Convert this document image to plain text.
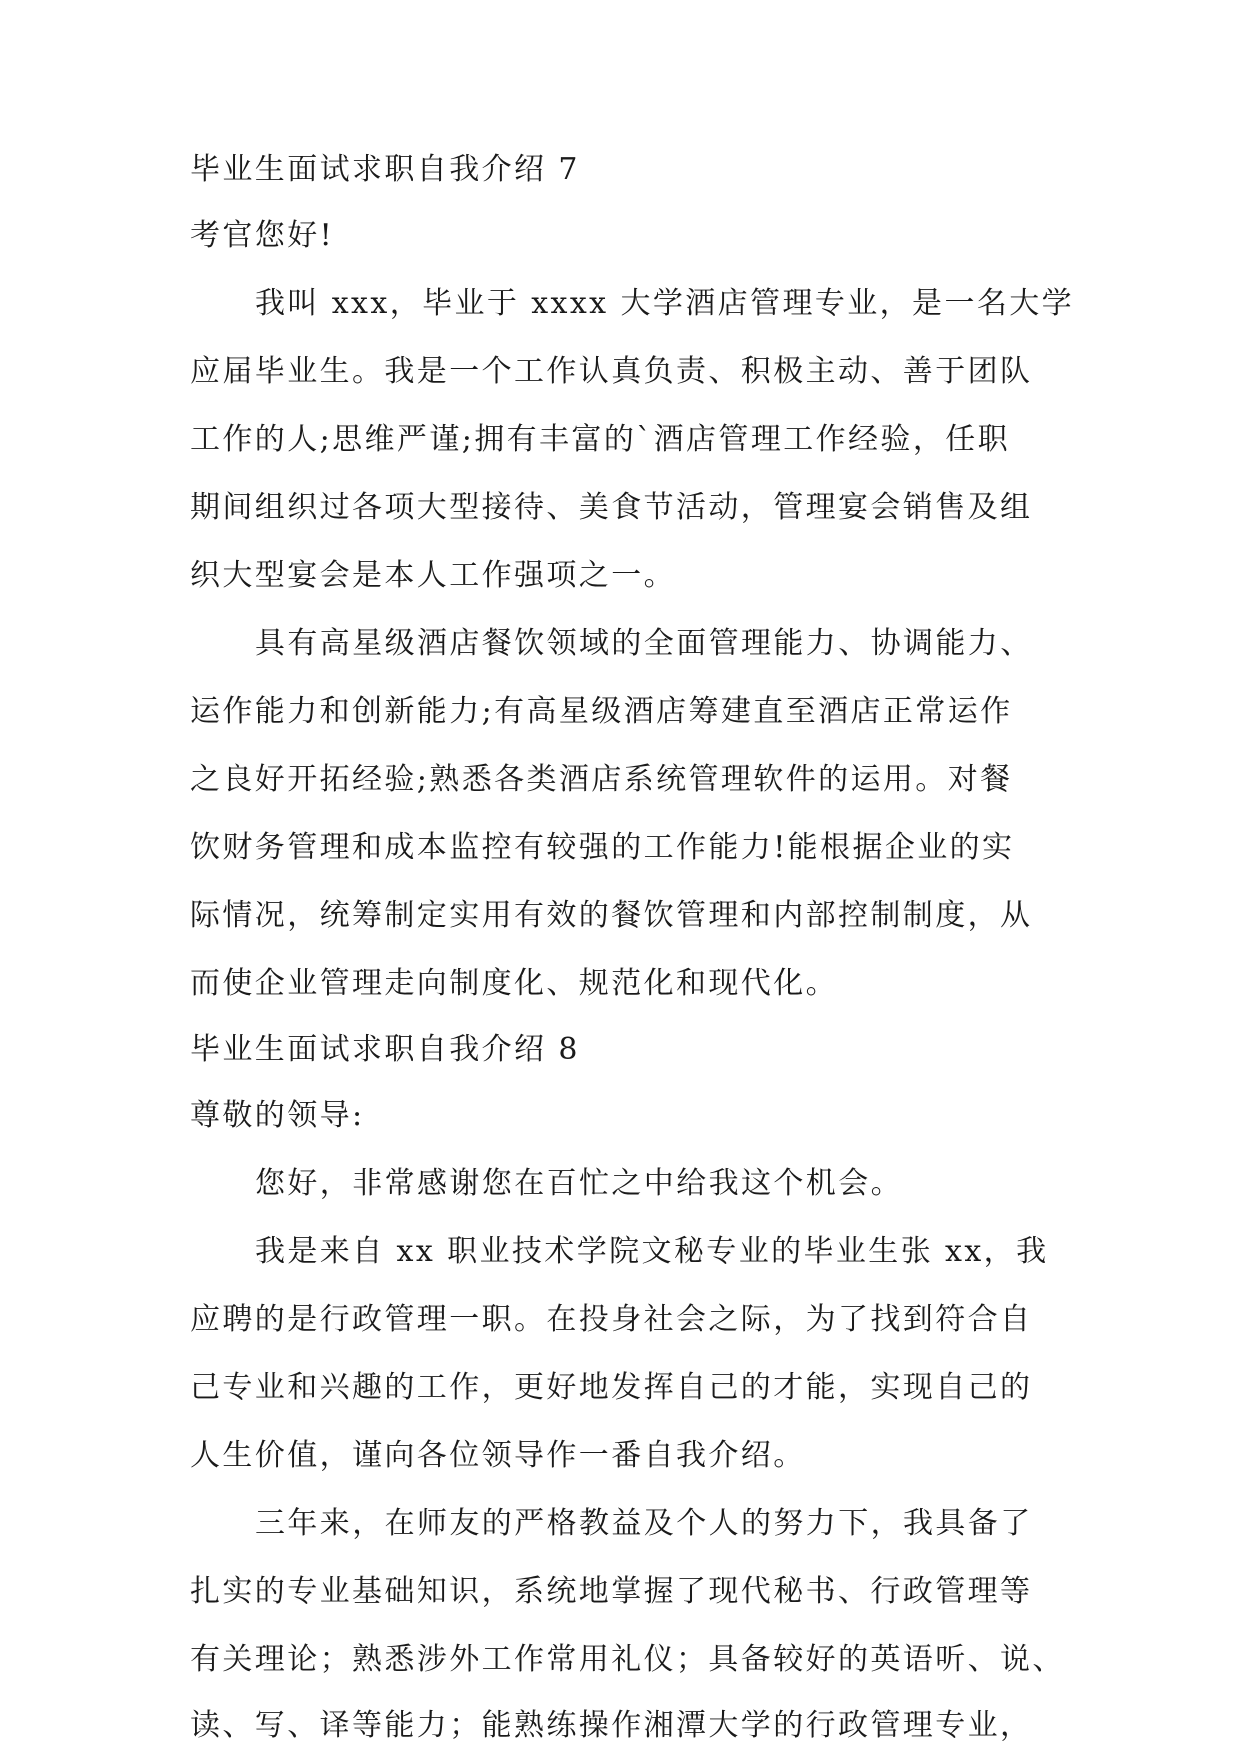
毕业生面试求职自我介绍 7
考官您好!
我叫 xxx，毕业于 xxxx 大学酒店管理专业，是一名大学
应届毕业生。我是一个工作认真负责、积极主动、善于团队
工作的人;思维严谨;拥有丰富的`酒店管理工作经验，任职
期间组织过各项大型接待、美食节活动，管理宴会销售及组
织大型宴会是本人工作强项之一。
具有高星级酒店餐饮领域的全面管理能力、协调能力、
运作能力和创新能力;有高星级酒店筹建直至酒店正常运作
之良好开拓经验;熟悉各类酒店系统管理软件的运用。对餐
饮财务管理和成本监控有较强的工作能力!能根据企业的实
际情况，统筹制定实用有效的餐饮管理和内部控制制度，从
而使企业管理走向制度化、规范化和现代化。
毕业生面试求职自我介绍 8
尊敬的领导:
您好，非常感谢您在百忙之中给我这个机会。
我是来自 xx 职业技术学院文秘专业的毕业生张 xx，我
应聘的是行政管理一职。在投身社会之际，为了找到符合自
己专业和兴趣的工作，更好地发挥自己的才能，实现自己的
人生价值，谨向各位领导作一番自我介绍。
三年来，在师友的严格教益及个人的努力下，我具备了
扎实的专业基础知识，系统地掌握了现代秘书、行政管理等
有关理论；熟悉涉外工作常用礼仪；具备较好的英语听、说、
读、写、译等能力；能熟练操作湘潭大学的行政管理专业，
